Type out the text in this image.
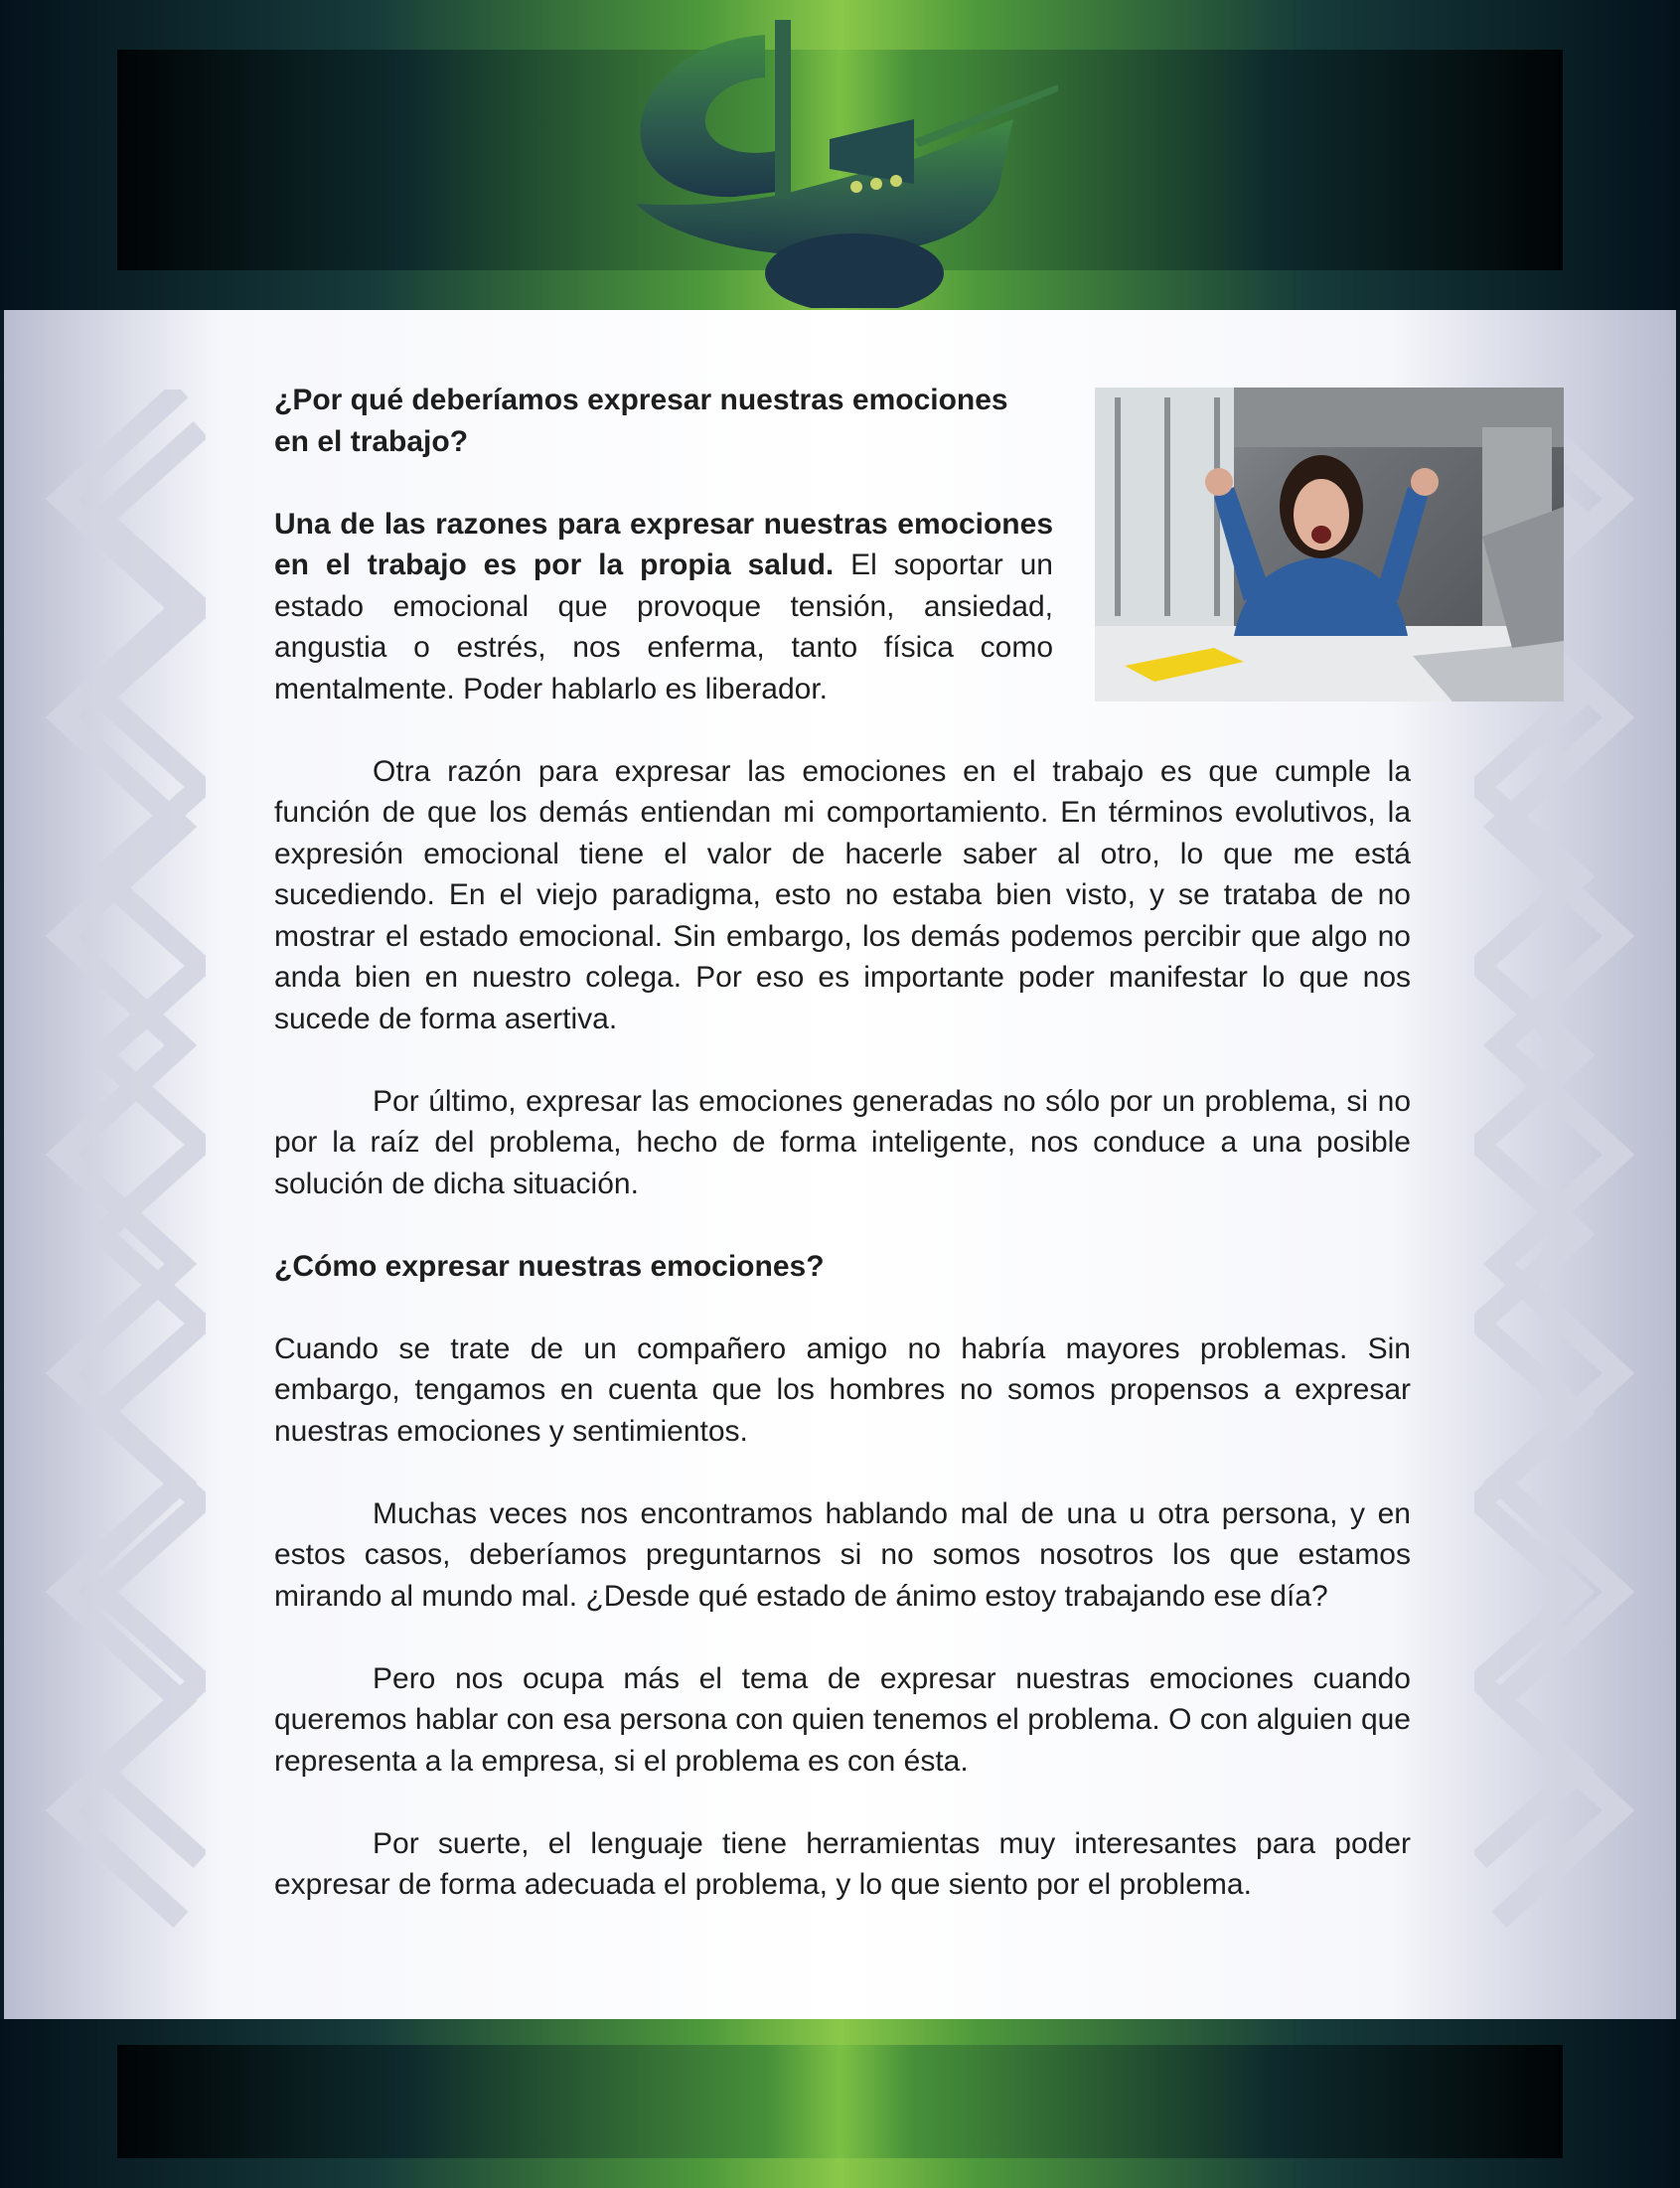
¿Por qué deberíamos expresar nuestras emociones

en el trabajo?

Una de las razones para expresar nuestras emociones en el trabajo es por la propia salud. El soportar un estado emocional que provoque tensión, ansiedad, angustia o estrés, nos enferma, tanto física como mentalmente. Poder hablarlo es liberador.

Otra razón para expresar las emociones en el trabajo es que cumple la función de que los demás entiendan mi comportamiento. En términos evolutivos, la expresión emocional tiene el valor de hacerle saber al otro, lo que me está sucediendo. En el viejo paradigma, esto no estaba bien visto, y se trataba de no mostrar el estado emocional. Sin embargo, los demás podemos percibir que algo no anda bien en nuestro colega. Por eso es importante poder manifestar lo que nos sucede de forma asertiva.

Por último, expresar las emociones generadas no sólo por un problema, si no por la raíz del problema, hecho de forma inteligente, nos conduce a una posible solución de dicha situación.

¿Cómo expresar nuestras emociones?

Cuando se trate de un compañero amigo no habría mayores problemas. Sin embargo, tengamos en cuenta que los hombres no somos propensos a expresar nuestras emociones y sentimientos.

Muchas veces nos encontramos hablando mal de una u otra persona, y en estos casos, deberíamos preguntarnos si no somos nosotros los que estamos mirando al mundo mal. ¿Desde qué estado de ánimo estoy trabajando ese día?

Pero nos ocupa más el tema de expresar nuestras emociones cuando queremos hablar con esa persona con quien tenemos el problema. O con alguien que representa a la empresa, si el problema es con ésta.

Por suerte, el lenguaje tiene herramientas muy interesantes para poder expresar de forma adecuada el problema, y lo que siento por el problema.
